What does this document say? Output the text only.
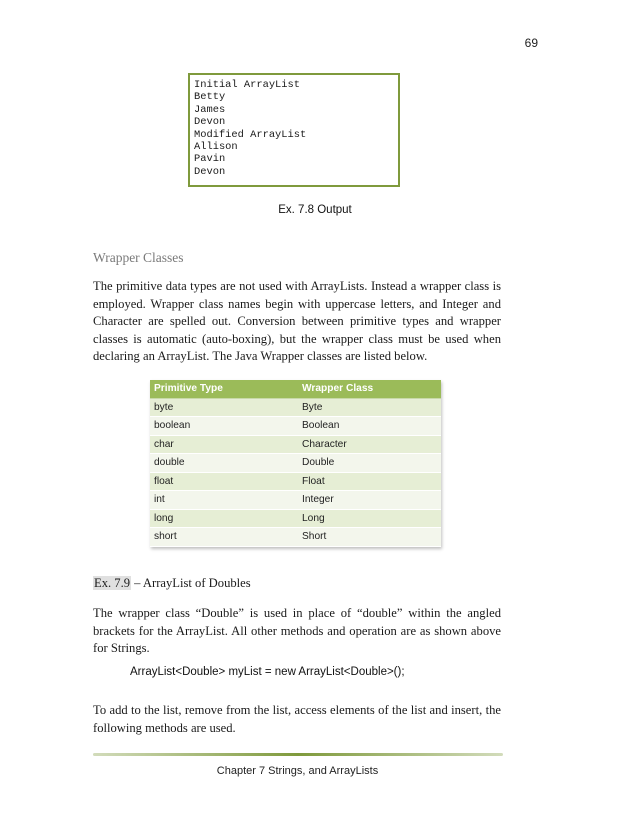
69
Initial ArrayList
Betty
James
Devon
Modified ArrayList
Allison
Pavin
Devon
Ex. 7.8 Output
Wrapper Classes
The primitive data types are not used with ArrayLists. Instead a wrapper class is employed. Wrapper class names begin with uppercase letters, and Integer and Character are spelled out. Conversion between primitive types and wrapper classes is automatic (auto-boxing), but the wrapper class must be used when declaring an ArrayList. The Java Wrapper classes are listed below.
Primitive Type	Wrapper Class
byte	Byte
boolean	Boolean
char	Character
double	Double
float	Float
int	Integer
long	Long
short	Short
Ex. 7.9 – ArrayList of Doubles
The wrapper class “Double” is used in place of “double” within the angled brackets for the ArrayList. All other methods and operation are as shown above for Strings.
ArrayList<Double> myList = new ArrayList<Double>();
To add to the list, remove from the list, access elements of the list and insert, the following methods are used.
Chapter 7 Strings, and ArrayLists
